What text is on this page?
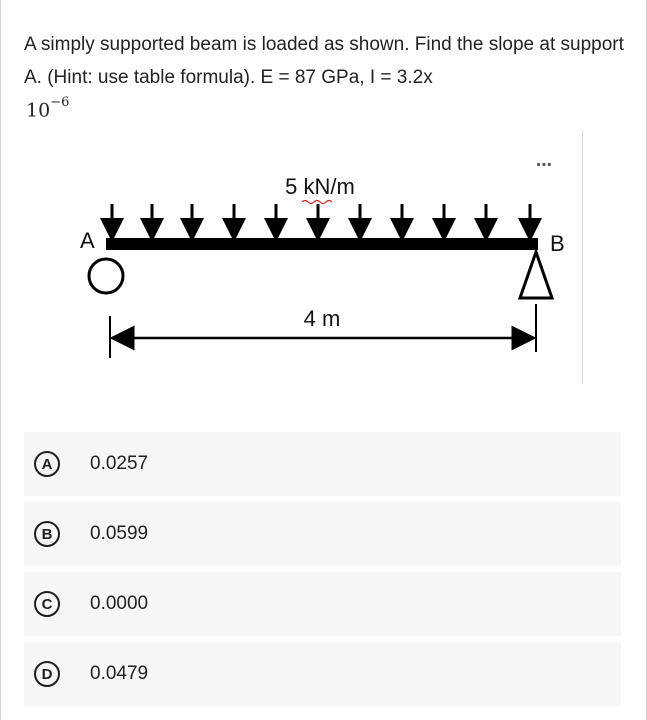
A simply supported beam is loaded as shown. Find the slope at support A. (Hint: use table formula). E = 87 GPa, I = 3.2x
$10^{-6}$
⋯
5 kN/m
A	B
4 m
A	0.0257
B	0.0599
C	0.0000
D	0.0479
